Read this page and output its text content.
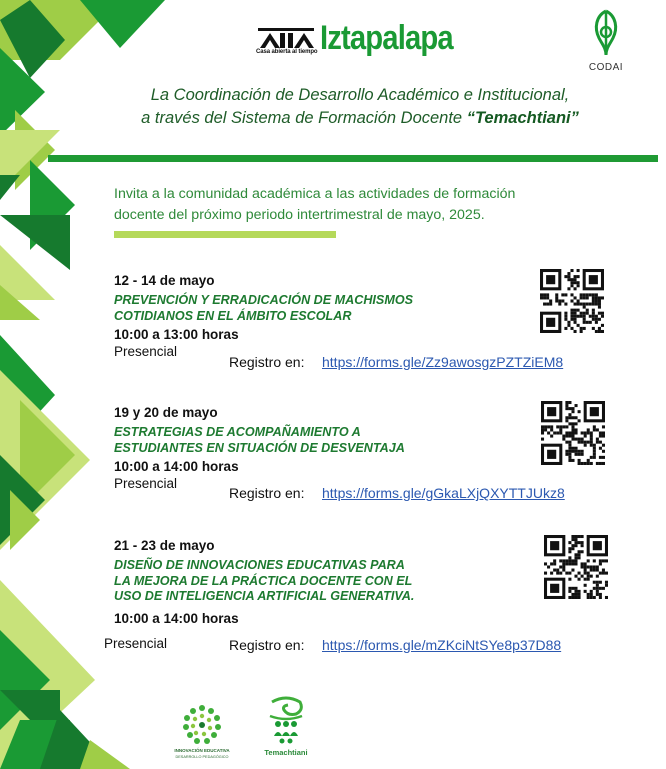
Casa abierta al tiempo Iztapalapa
CODAI
La Coordinación de Desarrollo Académico e Institucional,
a través del Sistema de Formación Docente “Temachtiani”
Invita a la comunidad académica a las actividades de formación
docente del próximo periodo intertrimestral de mayo, 2025.
12 - 14 de mayo
PREVENCIÓN Y ERRADICACIÓN DE MACHISMOS
COTIDIANOS EN EL ÁMBITO ESCOLAR
10:00 a 13:00 horas
Presencial
Registro en: https://forms.gle/Zz9awosgzPZTZiEM8
19 y 20 de mayo
ESTRATEGIAS DE ACOMPAÑAMIENTO A
ESTUDIANTES EN SITUACIÓN DE DESVENTAJA
10:00 a 14:00 horas
Presencial
Registro en: https://forms.gle/gGkaLXjQXYTTJUkz8
21 - 23 de mayo
DISEÑO DE INNOVACIONES EDUCATIVAS PARA
LA MEJORA DE LA PRÁCTICA DOCENTE CON EL
USO DE INTELIGENCIA ARTIFICIAL GENERATIVA.
10:00 a 14:00 horas
Presencial	Registro en: https://forms.gle/mZKciNtSYe8p37D88
INNOVACIÓN EDUCATIVA
DESARROLLO PEDAGÓGICO	Temachtiani
